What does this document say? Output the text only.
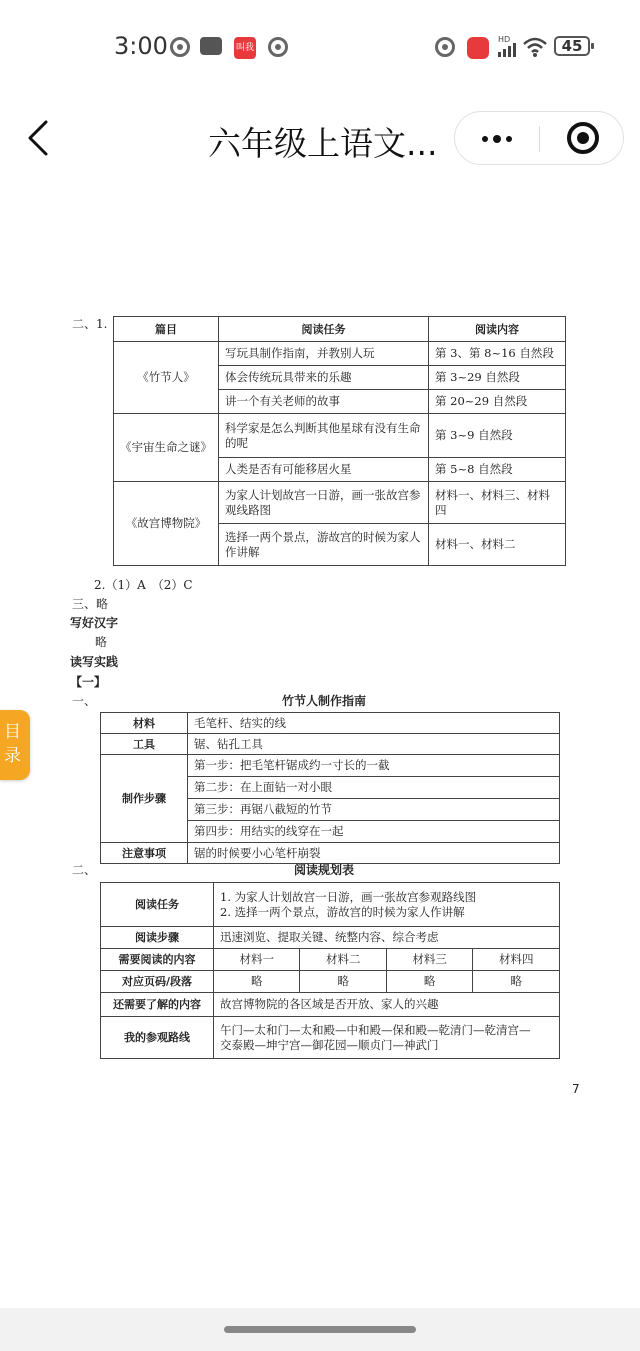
3:00	叫我
HD	45
六年级上语文...
目录
二、1.	篇目	阅读任务	阅读内容
《竹节人》	写玩具制作指南，并教别人玩	第 3、第 8~16 自然段
	体会传统玩具带来的乐趣	第 3~29 自然段
	讲一个有关老师的故事	第 20~29 自然段
《宇宙生命之谜》	科学家是怎么判断其他星球有没有生命的呢	第 3~9 自然段
	人类是否有可能移居火星	第 5~8 自然段
《故宫博物院》	为家人计划故宫一日游，画一张故宫参观线路图	材料一、材料三、材料四
	选择一两个景点，游故宫的时候为家人作讲解	材料一、材料二
2.（1）A　（2）C
三、略
写好汉字
略
读写实践
【一】
一、	竹节人制作指南
材料	毛笔杆、结实的线
工具	锯、钻孔工具
制作步骤	第一步：把毛笔杆锯成约一寸长的一截
	第二步：在上面钻一对小眼
	第三步：再锯八截短的竹节
	第四步：用结实的线穿在一起
注意事项	锯的时候要小心笔杆崩裂
二、	阅读规划表
阅读任务	1. 为家人计划故宫一日游，画一张故宫参观路线图
2. 选择一两个景点，游故宫的时候为家人作讲解			

阅读步骤	迅速浏览、提取关键、统整内容、综合考虑			
需要阅读的内容	材料一	材料二	材料三	材料四
对应页码/段落	略	略	略	略
还需要了解的内容	故宫博物院的各区域是否开放、家人的兴趣			
我的参观路线	午门—太和门—太和殿—中和殿—保和殿—乾清门—乾清宫—
交泰殿—坤宁宫—御花园—顺贞门—神武门			
7
